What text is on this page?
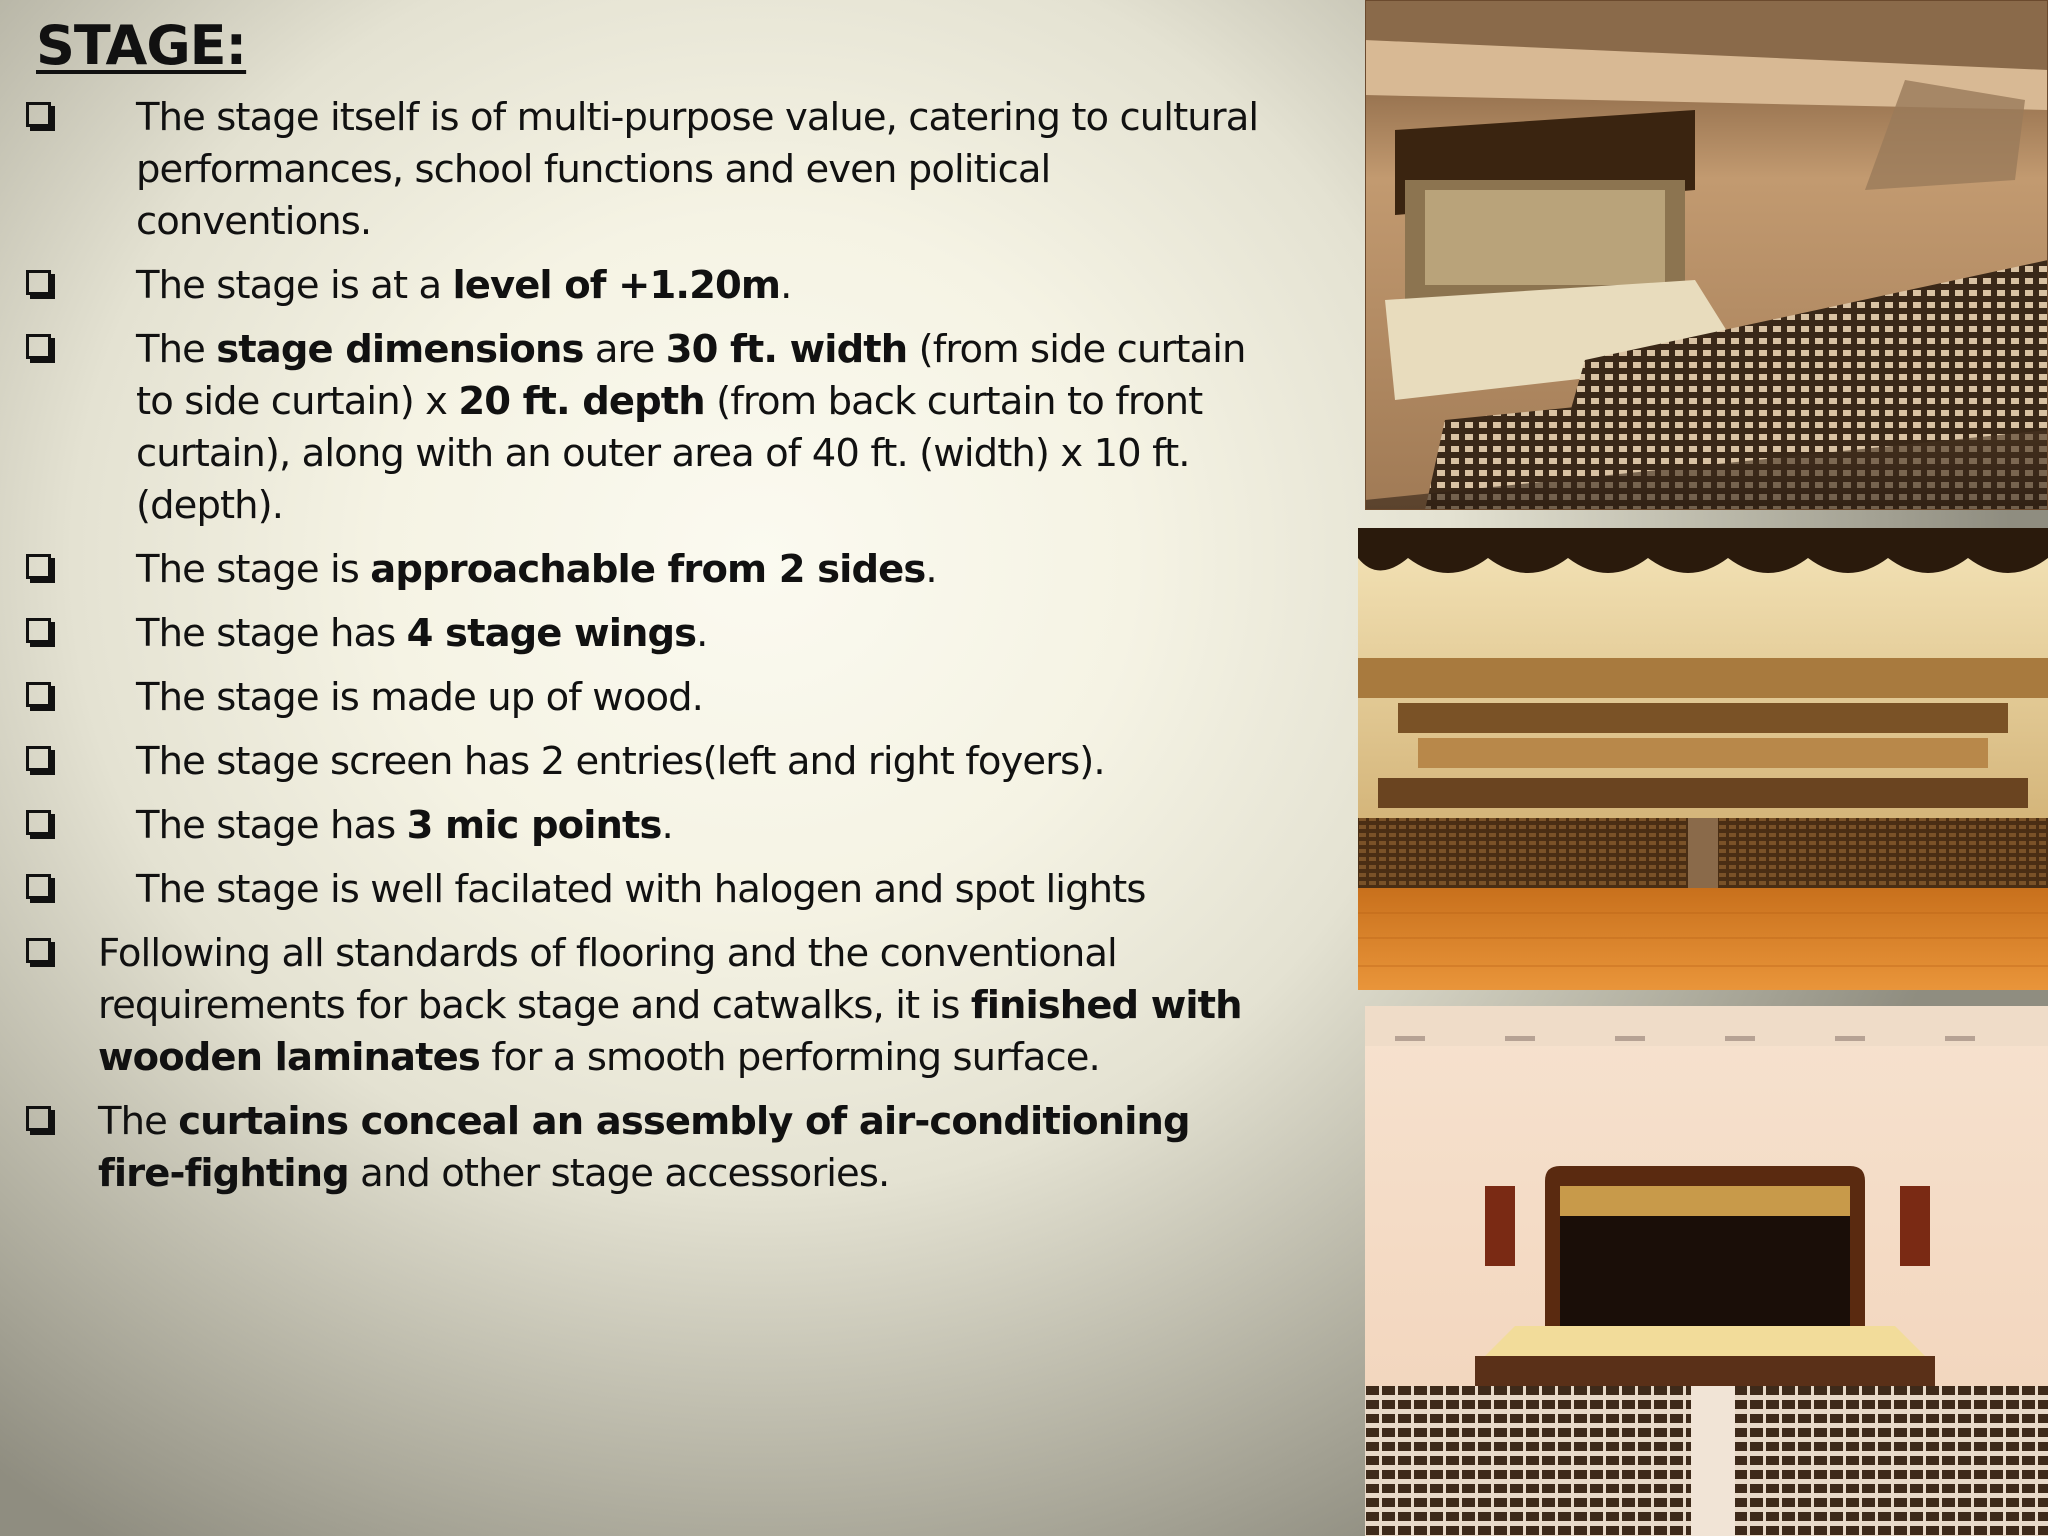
STAGE:
The stage itself is of multi-purpose value, catering to cultural performances, school functions and even political conventions.
The stage is at a level of +1.20m.
The stage dimensions are 30 ft. width (from side curtain to side curtain) x 20 ft. depth (from back curtain to front curtain), along with an outer area of 40 ft. (width) x 10 ft. (depth).
The stage is approachable from 2 sides.
The stage has 4 stage wings.
The stage is made up of wood.
The stage screen has 2 entries(left and right foyers).
The stage has 3 mic points.
The stage is well facilated with halogen and spot lights
Following all standards of flooring and the conventional requirements for back stage and catwalks, it is finished with wooden laminates for a smooth performing surface.
The curtains conceal an assembly of air-conditioning fire-fighting and other stage accessories.
